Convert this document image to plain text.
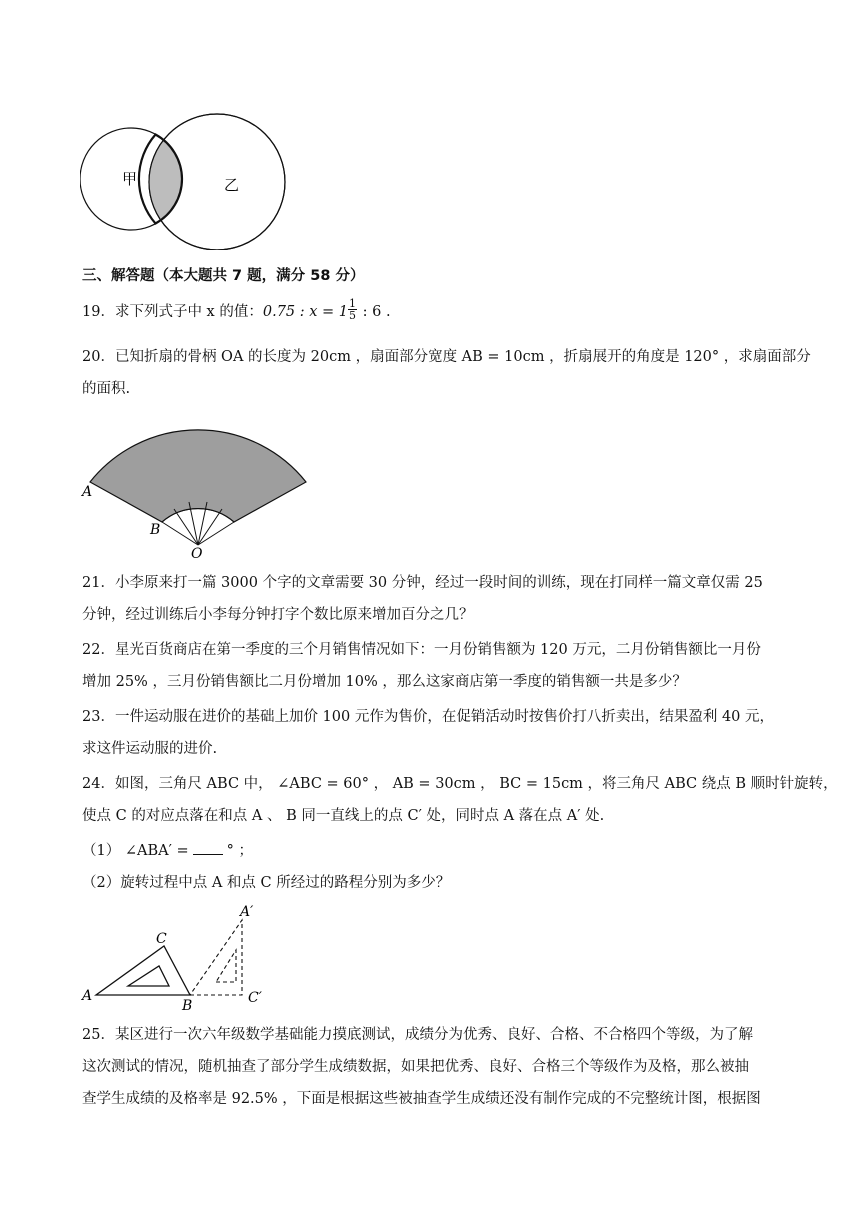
甲	乙
三、解答题（本大题共 7 题，满分 58 分）
19．求下列式子中 x 的值：0.75 : $x = 1 \frac{1}{5}$ : 6 .
20．已知折扇的骨柄 OA 的长度为 20cm ，扇面部分宽度 AB = 10cm ，折扇展开的角度是 120° ，求扇面部分
的面积.
A
B
O
21．小李原来打一篇 3000 个字的文章需要 30 分钟，经过一段时间的训练，现在打同样一篇文章仅需 25
分钟，经过训练后小李每分钟打字个数比原来增加百分之几？
22．星光百货商店在第一季度的三个月销售情况如下：一月份销售额为 120 万元，二月份销售额比一月份
增加 25% ，三月份销售额比二月份增加 10% ，那么这家商店第一季度的销售额一共是多少？
23．一件运动服在进价的基础上加价 100 元作为售价，在促销活动时按售价打八折卖出，结果盈利 40 元，
求这件运动服的进价.
24．如图，三角尺 ABC 中， ∠ABC = 60° ， AB = 30cm ， BC = 15cm ，将三角尺 ABC 绕点 B 顺时针旋转，
使点 C 的对应点落在和点 A 、 B 同一直线上的点 C′ 处，同时点 A 落在点 A′ 处.
（1） ∠ABA′ =	° ；
（2）旋转过程中点 A 和点 C 所经过的路程分别为多少？
A
B
C
A′
C′
25．某区进行一次六年级数学基础能力摸底测试，成绩分为优秀、良好、合格、不合格四个等级，为了解
这次测试的情况，随机抽查了部分学生成绩数据，如果把优秀、良好、合格三个等级作为及格，那么被抽
查学生成绩的及格率是 92.5% ，下面是根据这些被抽查学生成绩还没有制作完成的不完整统计图，根据图
